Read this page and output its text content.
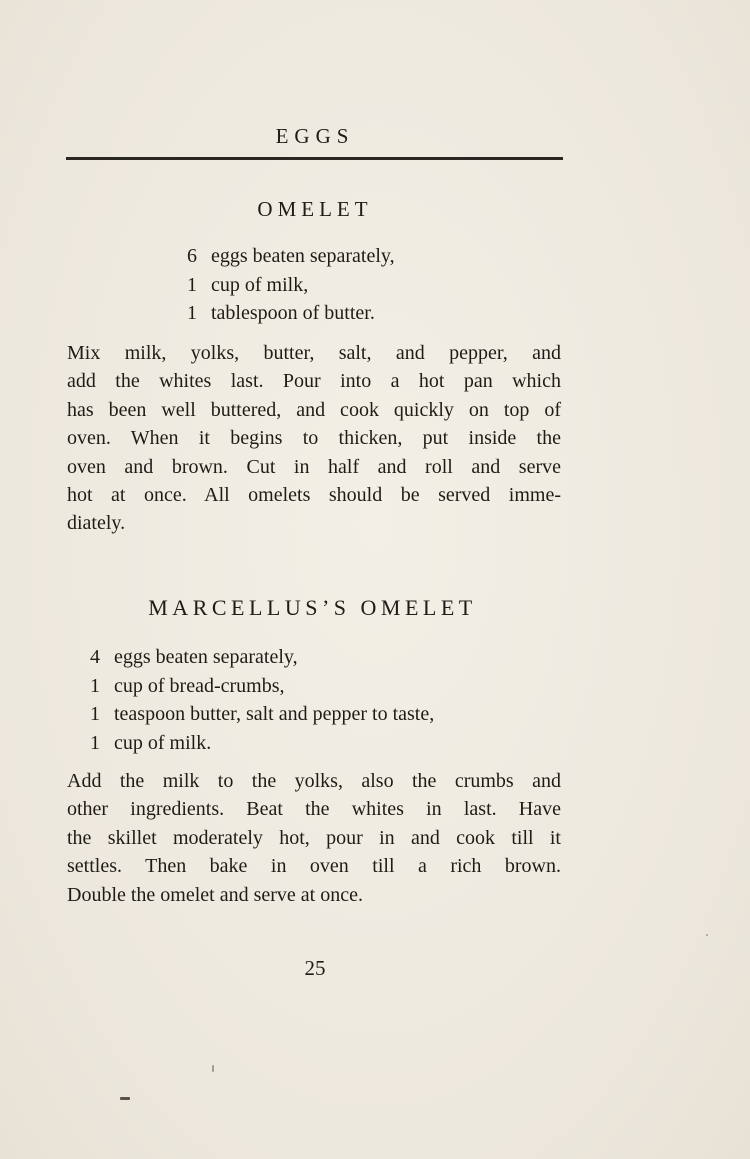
EGGS
OMELET
6 eggs beaten separately,
1 cup of milk,
1 tablespoon of butter.
Mix milk, yolks, butter, salt, and pepper, and
add the whites last. Pour into a hot pan which
has been well buttered, and cook quickly on top of
oven. When it begins to thicken, put inside the
oven and brown. Cut in half and roll and serve
hot at once. All omelets should be served imme-
diately.
MARCELLUS’S OMELET
4 eggs beaten separately,
1 cup of bread-crumbs,
1 teaspoon butter, salt and pepper to taste,
1 cup of milk.
Add the milk to the yolks, also the crumbs and
other ingredients. Beat the whites in last. Have
the skillet moderately hot, pour in and cook till it
settles. Then bake in oven till a rich brown.
Double the omelet and serve at once.
25
